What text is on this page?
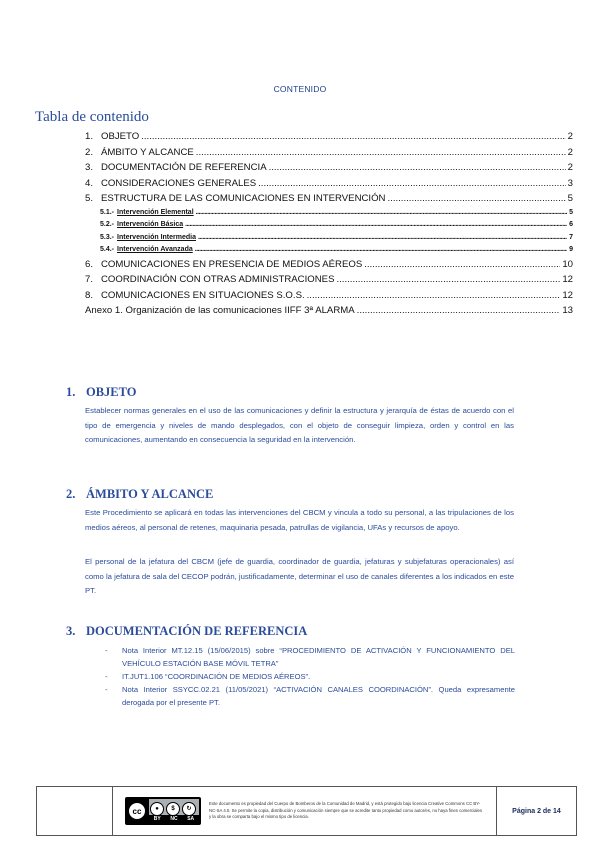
CONTENIDO
Tabla de contenido
1. OBJETO .....	2
2. ÁMBITO Y ALCANCE .....	2
3. DOCUMENTACIÓN DE REFERENCIA .....	2
4. CONSIDERACIONES GENERALES .....	3
5. ESTRUCTURA DE LAS COMUNICACIONES EN INTERVENCIÓN .....	5
5.1.- Intervención Elemental .....	5
5.2.- Intervención Básica .....	6
5.3.- Intervención Intermedia .....	7
5.4.- Intervención Avanzada .....	9
6. COMUNICACIONES EN PRESENCIA DE MEDIOS AÉREOS .....	10
7. COORDINACIÓN CON OTRAS ADMINISTRACIONES .....	12
8. COMUNICACIONES EN SITUACIONES S.O.S. .....	12
Anexo 1. Organización de las comunicaciones IIFF 3ª ALARMA .....	13
1. OBJETO
Establecer normas generales en el uso de las comunicaciones y definir la estructura y jerarquía de éstas de acuerdo con el tipo de emergencia y niveles de mando desplegados, con el objeto de conseguir limpieza, orden y control en las comunicaciones, aumentando en consecuencia la seguridad en la intervención.
2. ÁMBITO Y ALCANCE
Este Procedimiento se aplicará en todas las intervenciones del CBCM y vincula a todo su personal, a las tripulaciones de los medios aéreos, al personal de retenes, maquinaria pesada, patrullas de vigilancia, UFAs y recursos de apoyo.
El personal de la jefatura del CBCM (jefe de guardia, coordinador de guardia, jefaturas y subjefaturas operacionales) así como la jefatura de sala del CECOP podrán, justificadamente, determinar el uso de canales diferentes a los indicados en este PT.
3. DOCUMENTACIÓN DE REFERENCIA
- Nota Interior MT.12.15 (15/06/2015) sobre “PROCEDIMIENTO DE ACTIVACIÓN Y FUNCIONAMIENTO DEL VEHÍCULO ESTACIÓN BASE MÓVIL TETRA”
- IT.JUT1.106 “COORDINACIÓN DE MEDIOS AÉREOS”.
- Nota Interior SSYCC.02.21 (11/05/2021) “ACTIVACIÓN CANALES COORDINACIÓN”. Queda expresamente derogada por el presente PT.
cc	●	$	↻
BY NC SA
Este documento es propiedad del Cuerpo de Bomberos de la Comunidad de Madrid, y está protegido bajo licencia Creative Commons CC BY-NC-SA 4.0. Se permite la copia, distribución y comunicación siempre que se acredite tanto propiedad como autor/es, no haya fines comerciales y la obra se comparta bajo el mismo tipo de licencia.
Página 2 de 14
